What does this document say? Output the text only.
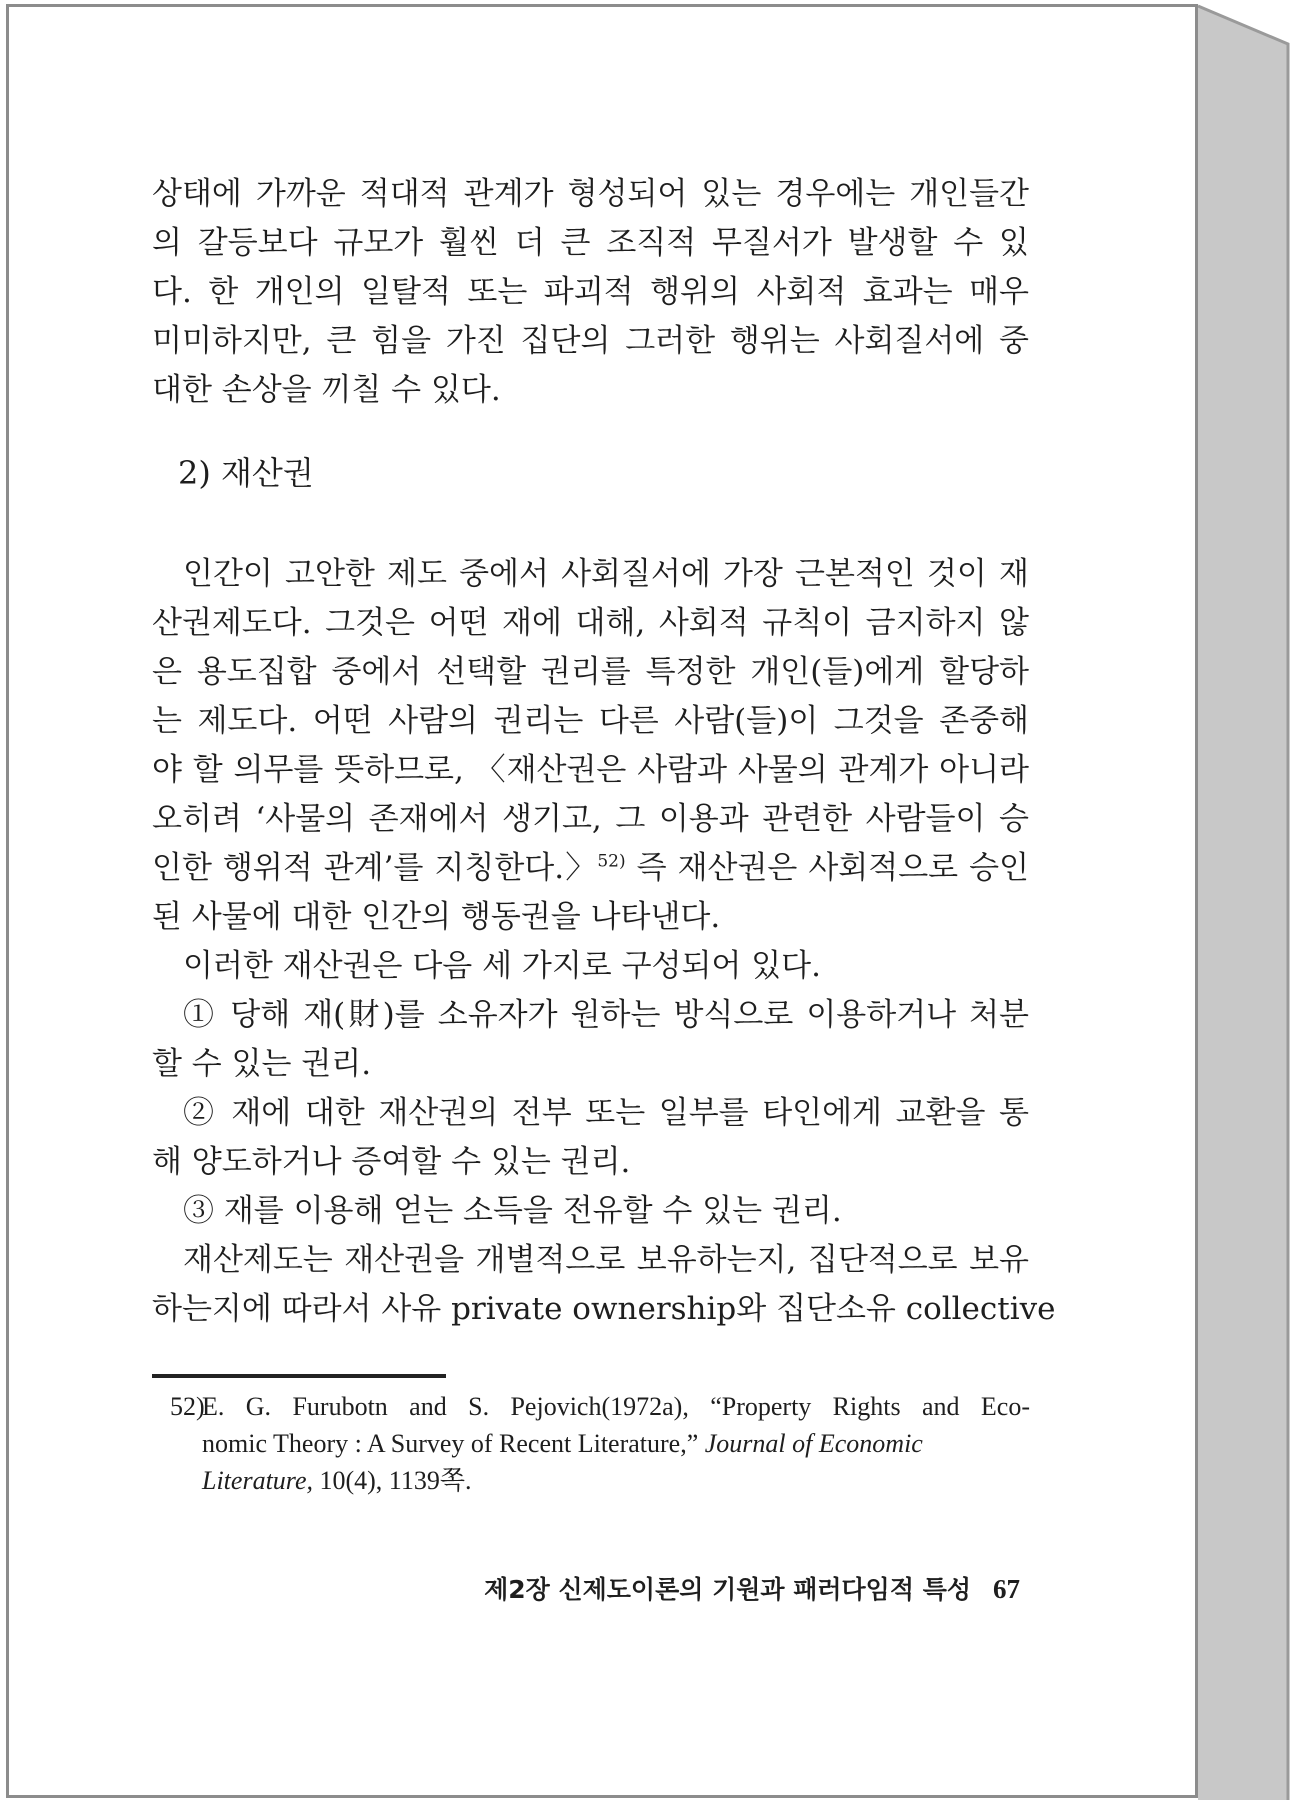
상태에 가까운 적대적 관계가 형성되어 있는 경우에는 개인들간
의 갈등보다 규모가 훨씬 더 큰 조직적 무질서가 발생할 수 있
다. 한 개인의 일탈적 또는 파괴적 행위의 사회적 효과는 매우
미미하지만, 큰 힘을 가진 집단의 그러한 행위는 사회질서에 중
대한 손상을 끼칠 수 있다.
2) 재산권
인간이 고안한 제도 중에서 사회질서에 가장 근본적인 것이 재
산권제도다. 그것은 어떤 재에 대해, 사회적 규칙이 금지하지 않
은 용도집합 중에서 선택할 권리를 특정한 개인(들)에게 할당하
는 제도다. 어떤 사람의 권리는 다른 사람(들)이 그것을 존중해
야 할 의무를 뜻하므로, 〈재산권은 사람과 사물의 관계가 아니라
오히려 ‘사물의 존재에서 생기고, 그 이용과 관련한 사람들이 승
인한 행위적 관계’를 지칭한다.〉$^{52)}$ 즉 재산권은 사회적으로 승인
된 사물에 대한 인간의 행동권을 나타낸다.
이러한 재산권은 다음 세 가지로 구성되어 있다.
① 당해 재(財)를 소유자가 원하는 방식으로 이용하거나 처분
할 수 있는 권리.
② 재에 대한 재산권의 전부 또는 일부를 타인에게 교환을 통
해 양도하거나 증여할 수 있는 권리.
③ 재를 이용해 얻는 소득을 전유할 수 있는 권리.
재산제도는 재산권을 개별적으로 보유하는지, 집단적으로 보유
하는지에 따라서 사유 private ownership와 집단소유 collective
52)E. G. Furubotn and S. Pejovich(1972a), “Property Rights and Eco-
nomic Theory : A Survey of Recent Literature,” Journal of Economic
Literature, 10(4), 1139쪽.
제2장 신제도이론의 기원과 패러다임적 특성 67
